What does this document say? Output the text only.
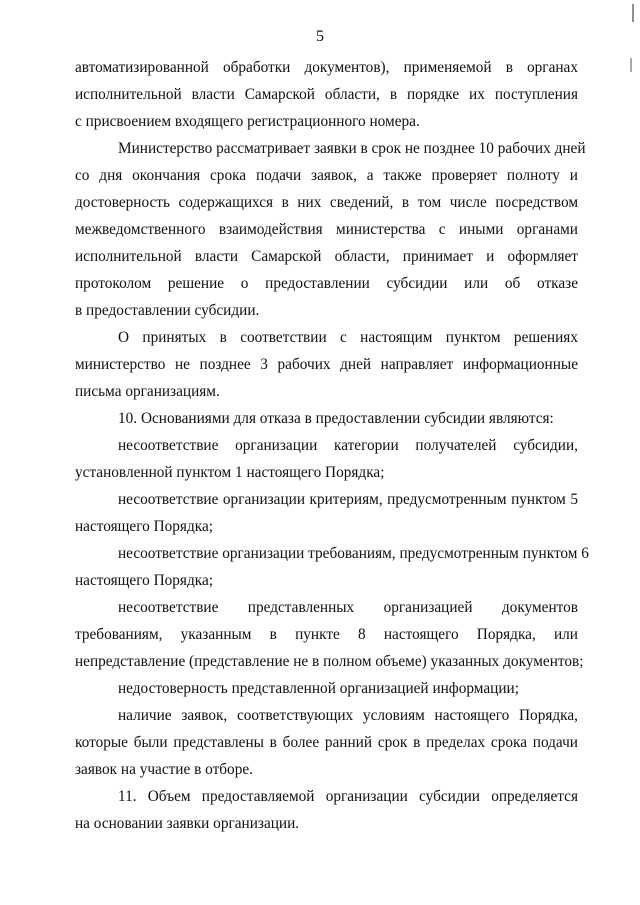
5
автоматизированной обработки документов), применяемой в органах
исполнительной власти Самарской области, в порядке их поступления
с присвоением входящего регистрационного номера.
Министерство рассматривает заявки в срок не позднее 10 рабочих дней
со дня окончания срока подачи заявок, а также проверяет полноту и
достоверность содержащихся в них сведений, в том числе посредством
межведомственного взаимодействия министерства с иными органами
исполнительной власти Самарской области, принимает и оформляет
протоколом решение о предоставлении субсидии или об отказе
в предоставлении субсидии.
О принятых в соответствии с настоящим пунктом решениях
министерство не позднее 3 рабочих дней направляет информационные
письма организациям.
10. Основаниями для отказа в предоставлении субсидии являются:
несоответствие организации категории получателей субсидии,
установленной пунктом 1 настоящего Порядка;
несоответствие организации критериям, предусмотренным пунктом 5
настоящего Порядка;
несоответствие организации требованиям, предусмотренным пунктом 6
настоящего Порядка;
несоответствие представленных организацией документов
требованиям, указанным в пункте 8 настоящего Порядка, или
непредставление (представление не в полном объеме) указанных документов;
недостоверность представленной организацией информации;
наличие заявок, соответствующих условиям настоящего Порядка,
которые были представлены в более ранний срок в пределах срока подачи
заявок на участие в отборе.
11. Объем предоставляемой организации субсидии определяется
на основании заявки организации.
